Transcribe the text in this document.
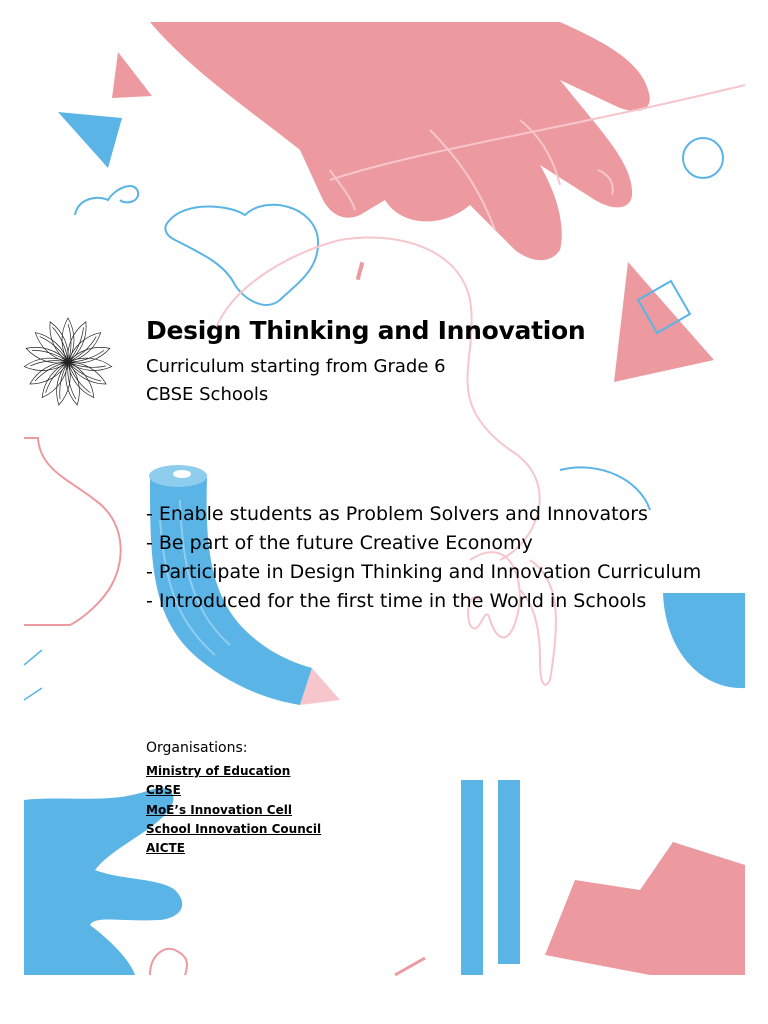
Design Thinking and Innovation

Curriculum starting from Grade 6

CBSE Schools

- Enable students as Problem Solvers and Innovators
- Be part of the future Creative Economy
- Participate in Design Thinking and Innovation Curriculum
- Introduced for the first time in the World in Schools

Organisations:

Ministry of Education
CBSE
MoE’s Innovation Cell
School Innovation Council
AICTE
